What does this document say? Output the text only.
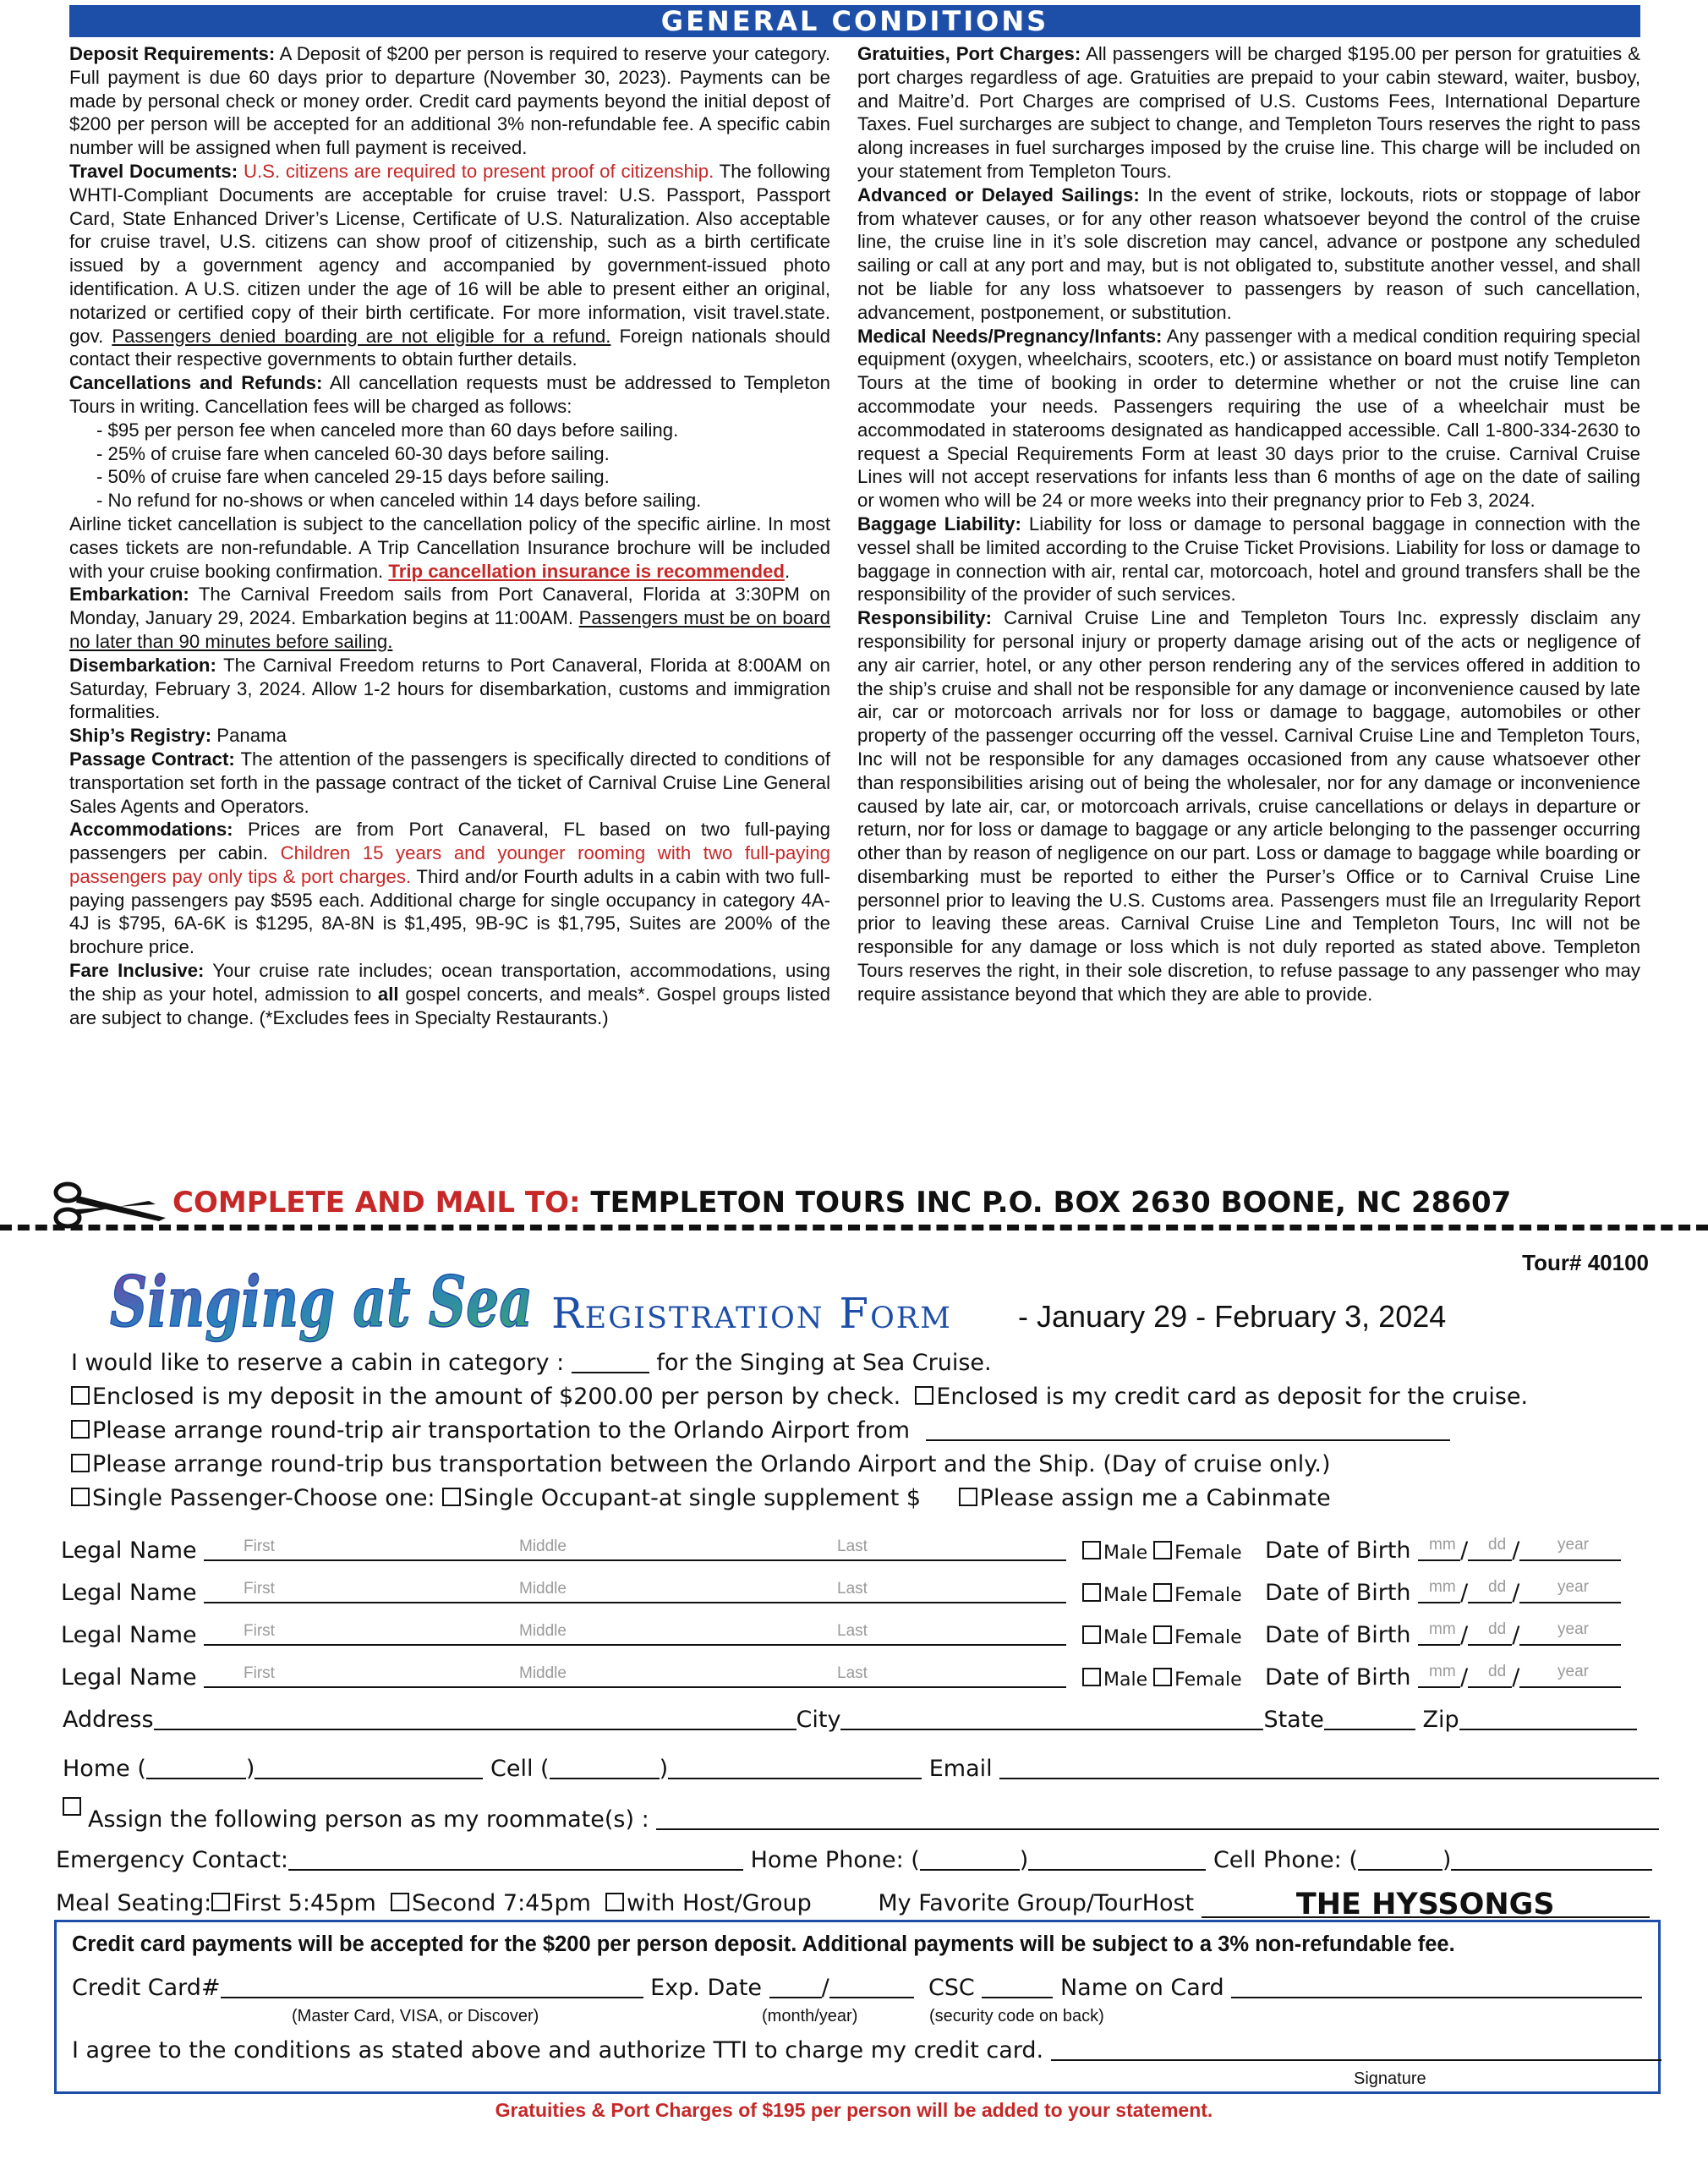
GENERAL CONDITIONS

Deposit Requirements: A Deposit of $200 per person is required to reserve your category. Full payment is due 60 days prior to departure (November 30, 2023). Payments can be made by personal check or money order. Credit card payments beyond the initial depost of $200 per person will be accepted for an additional 3% non-refundable fee. A specific cabin number will be assigned when full payment is received.

Travel Documents: U.S. citizens are required to present proof of citizenship. The following WHTI-Compliant Documents are acceptable for cruise travel: U.S. Passport, Passport Card, State Enhanced Driver’s License, Certificate of U.S. Naturalization. Also acceptable for cruise travel, U.S. citizens can show proof of citizenship, such as a birth certificate issued by a government agency and accompanied by government-issued photo identification. A U.S. citizen under the age of 16 will be able to present either an original, notarized or certified copy of their birth certificate. For more information, visit travel.state. gov. Passengers denied boarding are not eligible for a refund. Foreign nationals should contact their respective governments to obtain further details.

Cancellations and Refunds: All cancellation requests must be addressed to Templeton Tours in writing. Cancellation fees will be charged as follows:

- $95 per person fee when canceled more than 60 days before sailing.

- 25% of cruise fare when canceled 60-30 days before sailing.

- 50% of cruise fare when canceled 29-15 days before sailing.

- No refund for no-shows or when canceled within 14 days before sailing.

Airline ticket cancellation is subject to the cancellation policy of the specific airline. In most cases tickets are non-refundable. A Trip Cancellation Insurance brochure will be included with your cruise booking confirmation. Trip cancellation insurance is recommended.

Embarkation: The Carnival Freedom sails from Port Canaveral, Florida at 3:30PM on Monday, January 29, 2024. Embarkation begins at 11:00AM. Passengers must be on board no later than 90 minutes before sailing.

Disembarkation: The Carnival Freedom returns to Port Canaveral, Florida at 8:00AM on Saturday, February 3, 2024. Allow 1-2 hours for disembarkation, customs and immigration formalities.

Ship’s Registry: Panama

Passage Contract: The attention of the passengers is specifically directed to conditions of transportation set forth in the passage contract of the ticket of Carnival Cruise Line General Sales Agents and Operators.

Accommodations: Prices are from Port Canaveral, FL based on two full-paying passengers per cabin. Children 15 years and younger rooming with two full-paying passengers pay only tips & port charges. Third and/or Fourth adults in a cabin with two full-paying passengers pay $595 each. Additional charge for single occupancy in category 4A-4J is $795, 6A-6K is $1295, 8A-8N is $1,495, 9B-9C is $1,795, Suites are 200% of the brochure price.

Fare Inclusive: Your cruise rate includes; ocean transportation, accommodations, using the ship as your hotel, admission to all gospel concerts, and meals*. Gospel groups listed are subject to change. (*Excludes fees in Specialty Restaurants.)

Gratuities, Port Charges: All passengers will be charged $195.00 per person for gratuities & port charges regardless of age. Gratuities are prepaid to your cabin steward, waiter, busboy, and Maitre’d. Port Charges are comprised of U.S. Customs Fees, International Departure Taxes. Fuel surcharges are subject to change, and Templeton Tours reserves the right to pass along increases in fuel surcharges imposed by the cruise line. This charge will be included on your statement from Templeton Tours.

Advanced or Delayed Sailings: In the event of strike, lockouts, riots or stoppage of labor from whatever causes, or for any other reason whatsoever beyond the control of the cruise line, the cruise line in it’s sole discretion may cancel, advance or postpone any scheduled sailing or call at any port and may, but is not obligated to, substitute another vessel, and shall not be liable for any loss whatsoever to passengers by reason of such cancellation, advancement, postponement, or substitution.

Medical Needs/Pregnancy/Infants: Any passenger with a medical condition requiring special equipment (oxygen, wheelchairs, scooters, etc.) or assistance on board must notify Templeton Tours at the time of booking in order to determine whether or not the cruise line can accommodate your needs. Passengers requiring the use of a wheelchair must be accommodated in staterooms designated as handicapped accessible. Call 1-800-334-2630 to request a Special Requirements Form at least 30 days prior to the cruise. Carnival Cruise Lines will not accept reservations for infants less than 6 months of age on the date of sailing or women who will be 24 or more weeks into their pregnancy prior to Feb 3, 2024.

Baggage Liability: Liability for loss or damage to personal baggage in connection with the vessel shall be limited according to the Cruise Ticket Provisions. Liability for loss or damage to baggage in connection with air, rental car, motorcoach, hotel and ground transfers shall be the responsibility of the provider of such services.

Responsibility: Carnival Cruise Line and Templeton Tours Inc. expressly disclaim any responsibility for personal injury or property damage arising out of the acts or negligence of any air carrier, hotel, or any other person rendering any of the services offered in addition to the ship’s cruise and shall not be responsible for any damage or inconvenience caused by late air, car or motorcoach arrivals nor for loss or damage to baggage, automobiles or other property of the passenger occurring off the vessel. Carnival Cruise Line and Templeton Tours, Inc will not be responsible for any damages occasioned from any cause whatsoever other than responsibilities arising out of being the wholesaler, nor for any damage or inconvenience caused by late air, car, or motorcoach arrivals, cruise cancellations or delays in departure or return, nor for loss or damage to baggage or any article belonging to the passenger occurring other than by reason of negligence on our part. Loss or damage to baggage while boarding or disembarking must be reported to either the Purser’s Office or to Carnival Cruise Line personnel prior to leaving the U.S. Customs area. Passengers must file an Irregularity Report prior to leaving these areas. Carnival Cruise Line and Templeton Tours, Inc will not be responsible for any damage or loss which is not duly reported as stated above. Templeton Tours reserves the right, in their sole discretion, to refuse passage to any passenger who may require assistance beyond that which they are able to provide.

COMPLETE AND MAIL TO: TEMPLETON TOURS INC P.O. BOX 2630 BOONE, NC 28607
Tour# 40100
Singing at Sea Registration Form - January 29 - February 3, 2024
I would like to reserve a cabin in category :	for the Singing at Sea Cruise.
Enclosed is my deposit in the amount of $200.00 per person by check. Enclosed is my credit card as deposit for the cruise.
Please arrange round-trip air transportation to the Orlando Airport from
Please arrange round-trip bus transportation between the Orlando Airport and the Ship. (Day of cruise only.)
Single Passenger-Choose one: Single Occupant-at single supplement $	Please assign me a Cabinmate
Legal Name	First	Middle	Last	Male Female Date of Birth / /
mm dd	year
Legal Name	First	Middle	Last	Male Female Date of Birth / /
mm dd	year
Legal Name	First	Middle	Last	Male Female Date of Birth / /
mm dd	year
Legal Name	First	Middle	Last	Male Female Date of Birth / /
mm dd	year
Address	City	State	Zip
Home (	)	Cell (	)	Email
Assign the following person as my roommate(s) :
Emergency Contact:	Home Phone: (	)	Cell Phone: (	)
Meal Seating: First 5:45pm Second 7:45pm with Host/Group	My Favorite Group/TourHost	THE HYSSONGS
Credit card payments will be accepted for the $200 per person deposit. Additional payments will be subject to a 3% non-refundable fee.
Credit Card#	Exp. Date	/	CSC	Name on Card
(Master Card, VISA, or Discover)	(month/year)	(security code on back)
I agree to the conditions as stated above and authorize TTI to charge my credit card.
Signature
Gratuities & Port Charges of $195 per person will be added to your statement.
